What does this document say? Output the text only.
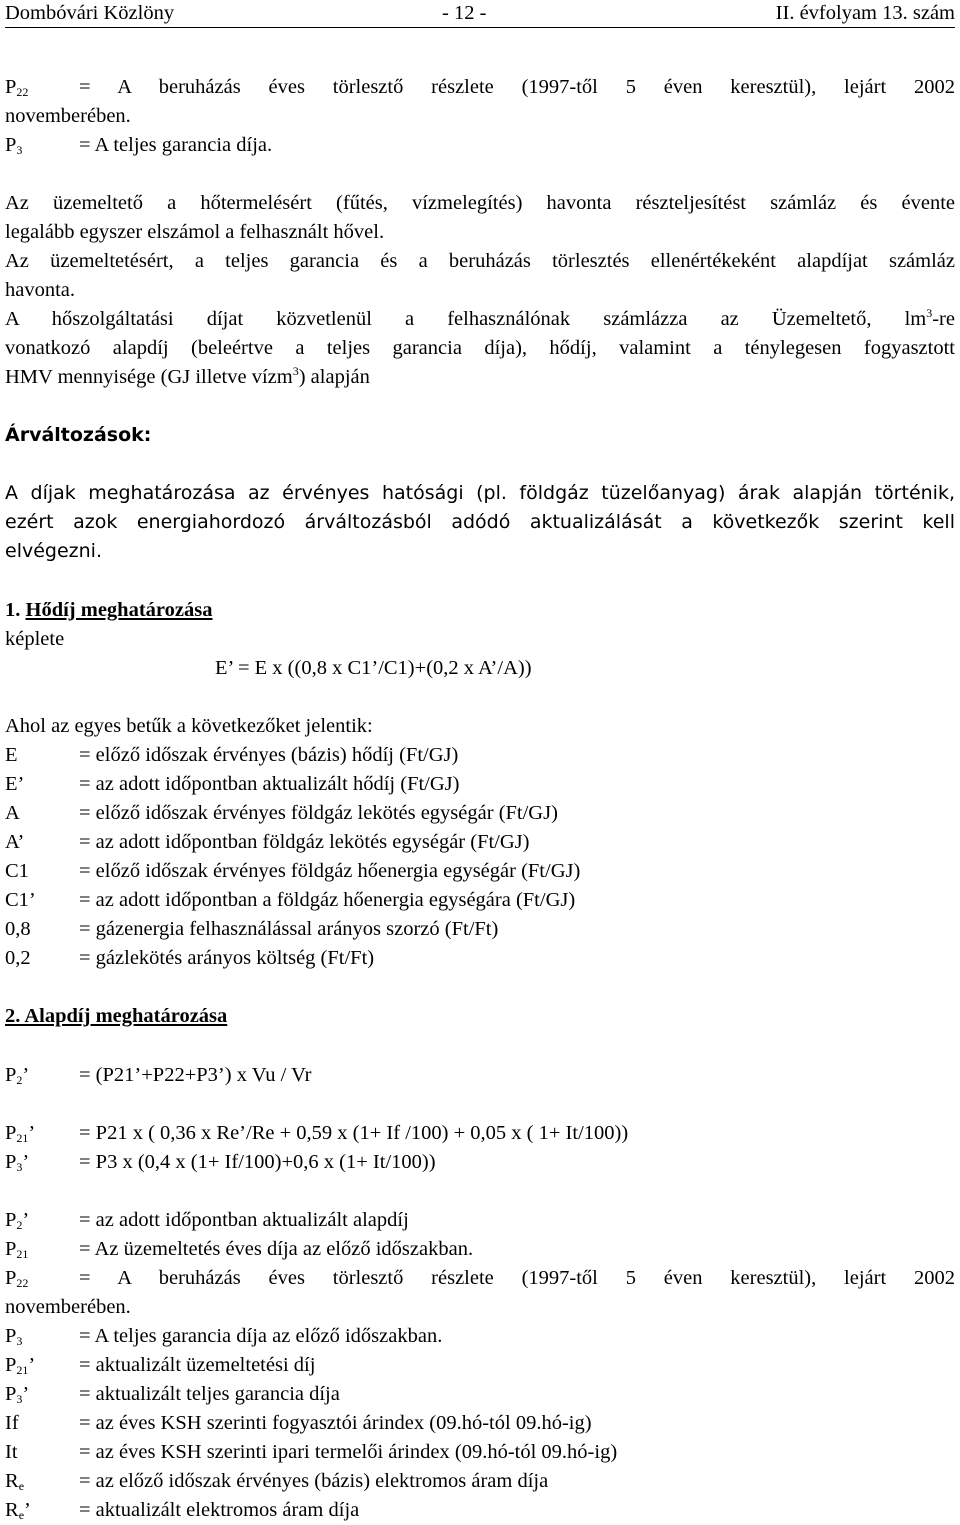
Dombóvári Közlöny	- 12 -	II. évfolyam 13. szám
$P_{22} = A$ beruházás éves törlesztő részlete (1997-től 5 éven keresztül), lejárt 2002
novemberében.
$P_3$	= A teljes garancia díja.
Az üzemeltető a hőtermelésért (fűtés, vízmelegítés) havonta részteljesítést számláz és évente
legalább egyszer elszámol a felhasznált hővel.
Az üzemeltetésért, a teljes garancia és a beruházás törlesztés ellenértékeként alapdíjat számláz
havonta.
A hőszolgáltatási díjat közvetlenül a felhasználónak számlázza az Üzemeltető, $lm^3-re$
vonatkozó alapdíj (beleértve a teljes garancia díja), hődíj, valamint a ténylegesen fogyasztott
HMV mennyisége (GJ illetve vízm$^3$) alapján
Árváltozások:
A díjak meghatározása az érvényes hatósági (pl. földgáz tüzelőanyag) árak alapján történik,
ezért azok energiahordozó árváltozásból adódó aktualizálását a következők szerint kell
elvégezni.
1. Hődíj meghatározása
képlete
E’ = E x ((0,8 x C1’/C1)+(0,2 x A’/A))
Ahol az egyes betűk a következőket jelentik:
E	= előző időszak érvényes (bázis) hődíj (Ft/GJ)
E’	= az adott időpontban aktualizált hődíj (Ft/GJ)
A	= előző időszak érvényes földgáz lekötés egységár (Ft/GJ)
A’	= az adott időpontban földgáz lekötés egységár (Ft/GJ)
C1 = előző időszak érvényes földgáz hőenergia egységár (Ft/GJ)
C1’ = az adott időpontban a földgáz hőenergia egységára (Ft/GJ)
0,8 = gázenergia felhasználással arányos szorzó (Ft/Ft)
0,2 = gázlekötés arányos költség (Ft/Ft)
2. Alapdíj meghatározása
$P_2$’ = (P21’+P22+P3’) x Vu / Vr
$P_{21}$’ = P21 x ( 0,36 x Re’/Re + 0,59 x (1+ If /100) + 0,05 x ( 1+ It/100))
$P_3$’ = P3 x (0,4 x (1+ If/100)+0,6 x (1+ It/100))
$P_2$’ = az adott időpontban aktualizált alapdíj
$P_{21} = Az$ üzemeltetés éves díja az előző időszakban.
$P_{22} = A$ beruházás éves törlesztő részlete (1997-től 5 éven keresztül), lejárt 2002
novemberében.
$P_3$	= A teljes garancia díja az előző időszakban.
$P_{21}$’ = aktualizált üzemeltetési díj
$P_3$’ = aktualizált teljes garancia díja
If	= az éves KSH szerinti fogyasztói árindex (09.hó-tól 09.hó-ig)
It	= az éves KSH szerinti ipari termelői árindex (09.hó-tól 09.hó-ig)
$R_e$	= az előző időszak érvényes (bázis) elektromos áram díja
$R_e$’ = aktualizált elektromos áram díja
